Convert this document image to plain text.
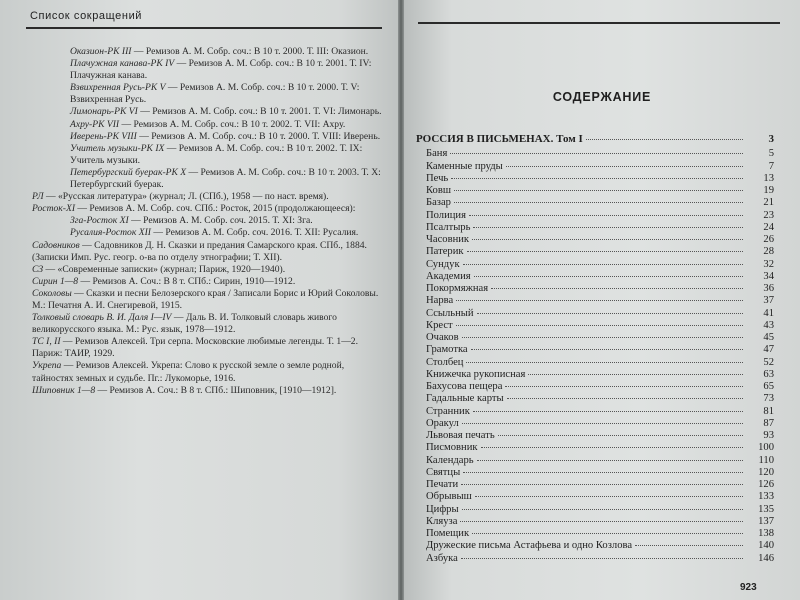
Список сокращений

Оказион-РК III — Ремизов А. М. Собр. соч.: В 10 т. 2000. Т. III: Оказион.

Плачужная канава-РК IV — Ремизов А. М. Собр. соч.: В 10 т. 2001. Т. IV: Плачужная канава.

Взвихренная Русь-РК V — Ремизов А. М. Собр. соч.: В 10 т. 2000. Т. V: Взвихренная Русь.

Лимонарь-РК VI — Ремизов А. М. Собр. соч.: В 10 т. 2001. Т. VI: Лимонарь.

Ахру-РК VII — Ремизов А. М. Собр. соч.: В 10 т. 2002. Т. VII: Ахру.

Иверень-РК VIII — Ремизов А. М. Собр. соч.: В 10 т. 2000. Т. VIII: Иверень.

Учитель музыки-РК IX — Ремизов А. М. Собр. соч.: В 10 т. 2002. Т. IX: Учитель музыки.

Петербургский буерак-РК X — Ремизов А. М. Собр. соч.: В 10 т. 2003. Т. X: Петербургский буерак.

РЛ — «Русская литература» (журнал; Л. (СПб.), 1958 — по наст. время).

Росток-XI — Ремизов А. М. Собр. соч. СПб.: Росток, 2015 (продолжающееся):

Зга-Росток XI — Ремизов А. М. Собр. соч. 2015. Т. XI: Зга.

Русалия-Росток XII — Ремизов А. М. Собр. соч. 2016. Т. XII: Русалия.

Садовников — Садовников Д. Н. Сказки и предания Самарского края. СПб., 1884. (Записки Имп. Рус. геогр. о-ва по отделу этнографии; Т. XII).

СЗ — «Современные записки» (журнал; Париж, 1920—1940).

Сирин 1—8 — Ремизов А. Соч.: В 8 т. СПб.: Сирин, 1910—1912.

Соколовы — Сказки и песни Белозерского края / Записали Борис и Юрий Соколовы. М.: Печатня А. И. Снегиревой, 1915.

Толковый словарь В. И. Даля I—IV — Даль В. И. Толковый словарь живого великорусского языка. М.: Рус. язык, 1978—1912.

ТС I, II — Ремизов Алексей. Три серпа. Московские любимые легенды. Т. 1—2. Париж: ТАИР, 1929.

Укрепа — Ремизов Алексей. Укрепа: Слово к русской земле о земле родной, тайностях земных и судьбе. Пг.: Лукоморье, 1916.

Шиповник 1—8 — Ремизов А. Соч.: В 8 т. СПб.: Шиповник, [1910—1912].

СОДЕРЖАНИЕ
РОССИЯ В ПИСЬМЕНАХ. Том I	3
Баня	5
Каменные пруды	7
Печь	13
Ковш	19
Базар	21
Полиция	23
Псалтырь	24
Часовник	26
Патерик	28
Сундук	32
Академия	34
Покормяжная	36
Нарва	37
Ссыльный	41
Крест	43
Очаков	45
Грамотка	47
Столбец	52
Книжечка рукописная	63
Бахусова пещера	65
Гадальные карты	73
Странник	81
Оракул	87
Львовая печать	93
Писмовник	100
Календарь	110
Святцы	120
Печати	126
Обрывыш	133
Цифры	135
Кляуза	137
Помещик	138
Дружеские письма Астафьева и одно Козлова	140
Азбука	146
923
